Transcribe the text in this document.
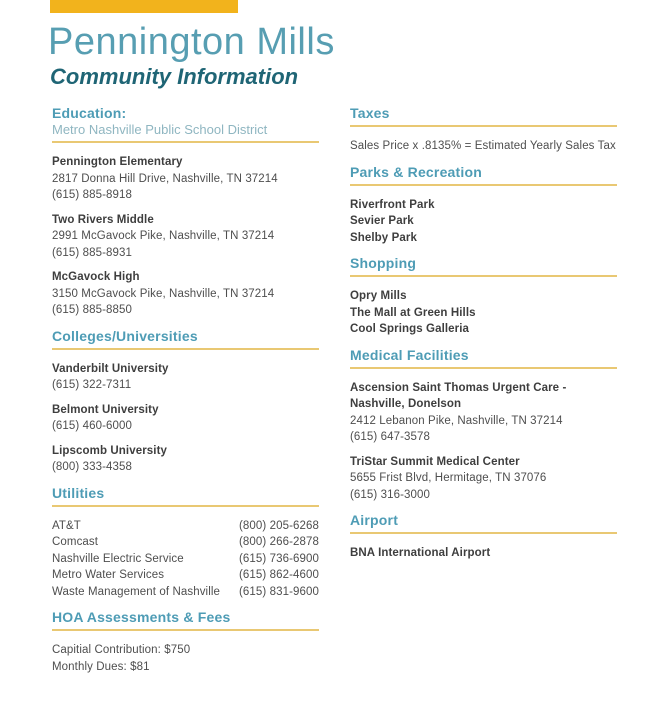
Pennington Mills
Community Information
Education:
Metro Nashville Public School District
Pennington Elementary
2817 Donna Hill Drive, Nashville, TN 37214
(615) 885-8918
Two Rivers Middle
2991 McGavock Pike, Nashville, TN 37214
(615) 885-8931
McGavock High
3150 McGavock Pike, Nashville, TN 37214
(615) 885-8850
Colleges/Universities
Vanderbilt University
(615) 322-7311
Belmont University
(615) 460-6000
Lipscomb University
(800) 333-4358
Utilities
AT&T	(800) 205-6268
Comcast	(800) 266-2878
Nashville Electric Service	(615) 736-6900
Metro Water Services	(615) 862-4600
Waste Management of Nashville (615) 831-9600
HOA Assessments & Fees
Capitial Contribution: $750
Monthly Dues: $81
Taxes
Sales Price x .8135% = Estimated Yearly Sales Tax
Parks & Recreation
Riverfront Park
Sevier Park
Shelby Park
Shopping
Opry Mills
The Mall at Green Hills
Cool Springs Galleria
Medical Facilities
Ascension Saint Thomas Urgent Care - Nashville, Donelson
2412 Lebanon Pike, Nashville, TN 37214
(615) 647-3578
TriStar Summit Medical Center
5655 Frist Blvd, Hermitage, TN 37076
(615) 316-3000
Airport
BNA International Airport
